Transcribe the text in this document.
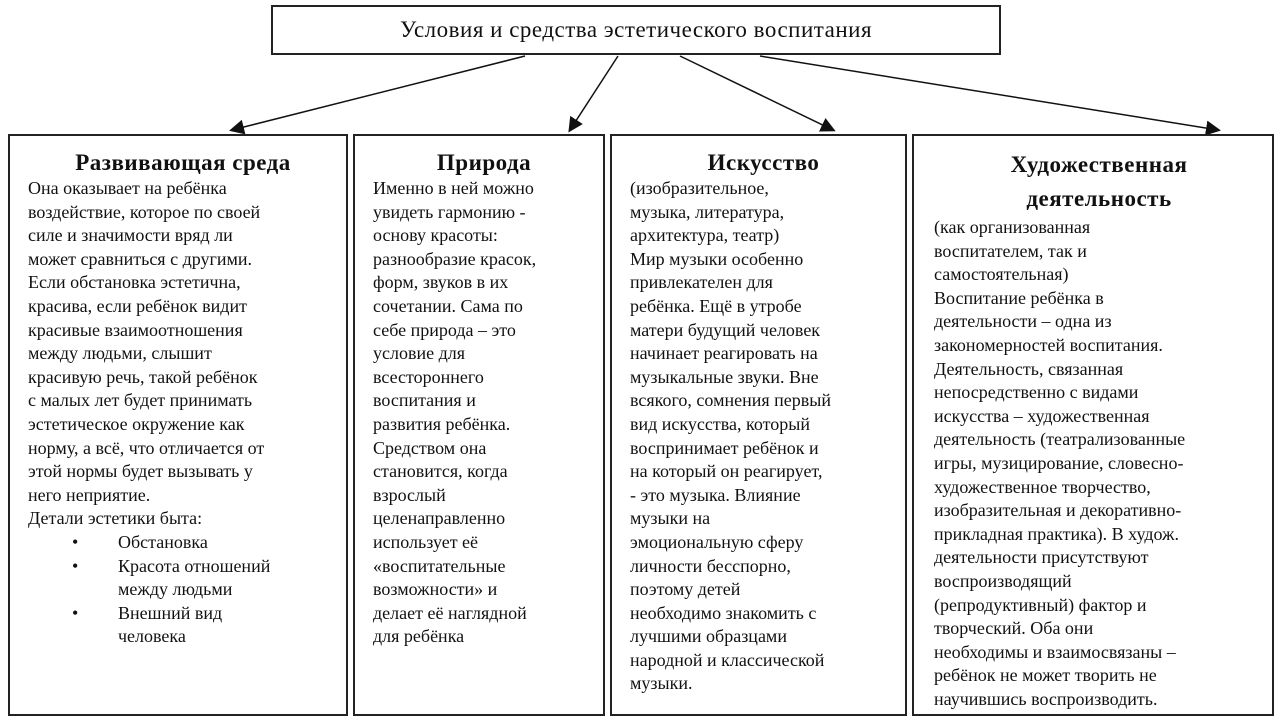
Условия и средства эстетического воспитания
Развивающая среда
Она оказывает на ребёнка
воздействие, которое по своей
силе и значимости вряд ли
может сравниться с другими.
Если обстановка эстетична,
красива, если ребёнок видит
красивые взаимоотношения
между людьми, слышит
красивую речь, такой ребёнок
с малых лет будет принимать
эстетическое окружение как
норму, а всё, что отличается от
этой нормы будет вызывать у
него неприятие.
Детали эстетики быта:
• Обстановка
• Красота отношений
между людьми
• Внешний вид
человека
Природа
Именно в ней можно
увидеть гармонию -
основу красоты:
разнообразие красок,
форм, звуков в их
сочетании. Сама по
себе природа – это
условие для
всестороннего
воспитания и
развития ребёнка.
Средством она
становится, когда
взрослый
целенаправленно
использует её
«воспитательные
возможности» и
делает её наглядной
для ребёнка
Искусство
(изобразительное,
музыка, литература,
архитектура, театр)
Мир музыки особенно
привлекателен для
ребёнка. Ещё в утробе
матери будущий человек
начинает реагировать на
музыкальные звуки. Вне
всякого, сомнения первый
вид искусства, который
воспринимает ребёнок и
на который он реагирует,
- это музыка. Влияние
музыки на
эмоциональную сферу
личности бесспорно,
поэтому детей
необходимо знакомить с
лучшими образцами
народной и классической
музыки.
Художественная
деятельность
(как организованная
воспитателем, так и
самостоятельная)
Воспитание ребёнка в
деятельности – одна из
закономерностей воспитания.
Деятельность, связанная
непосредственно с видами
искусства – художественная
деятельность (театрализованные
игры, музицирование, словесно-
художественное творчество,
изобразительная и декоративно-
прикладная практика). В худож.
деятельности присутствуют
воспроизводящий
(репродуктивный) фактор и
творческий. Оба они
необходимы и взаимосвязаны –
ребёнок не может творить не
научившись воспроизводить.
